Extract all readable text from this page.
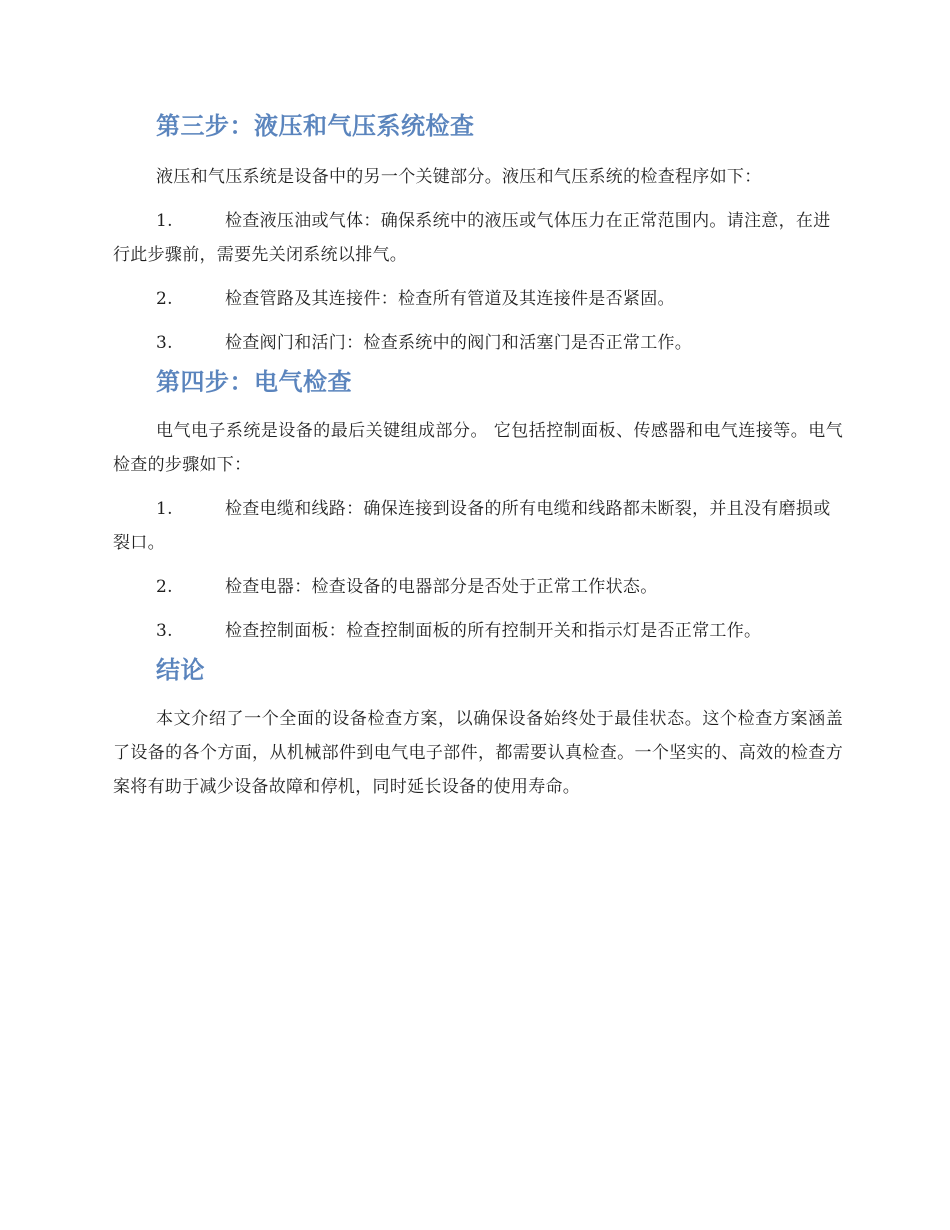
第三步：液压和气压系统检查

液压和气压系统是设备中的另一个关键部分。液压和气压系统的检查程序如下：

1.	检查液压油或气体：确保系统中的液压或气体压力在正常范围内。请注意，在进行此步骤前，需要先关闭系统以排气。

2.	检查管路及其连接件：检查所有管道及其连接件是否紧固。

3.	检查阀门和活门：检查系统中的阀门和活塞门是否正常工作。

第四步：电气检查

电气电子系统是设备的最后关键组成部分。 它包括控制面板、传感器和电气连接等。电气检查的步骤如下：

1.	检查电缆和线路：确保连接到设备的所有电缆和线路都未断裂，并且没有磨损或裂口。

2.	检查电器：检查设备的电器部分是否处于正常工作状态。

3.	检查控制面板：检查控制面板的所有控制开关和指示灯是否正常工作。

结论

本文介绍了一个全面的设备检查方案，以确保设备始终处于最佳状态。这个检查方案涵盖了设备的各个方面，从机械部件到电气电子部件，都需要认真检查。一个坚实的、高效的检查方案将有助于减少设备故障和停机，同时延长设备的使用寿命。
